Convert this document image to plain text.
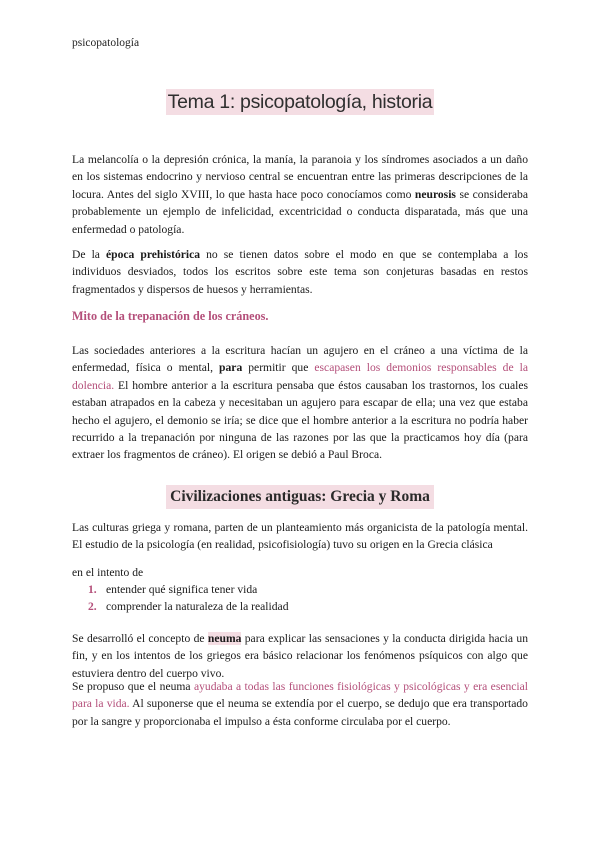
psicopatología
Tema 1: psicopatología, historia
La melancolía o la depresión crónica, la manía, la paranoia y los síndromes asociados a un daño en los sistemas endocrino y nervioso central se encuentran entre las primeras descripciones de la locura. Antes del siglo XVIII, lo que hasta hace poco conocíamos como neurosis se consideraba probablemente un ejemplo de infelicidad, excentricidad o conducta disparatada, más que una enfermedad o patología.
De la época prehistórica no se tienen datos sobre el modo en que se contemplaba a los individuos desviados, todos los escritos sobre este tema son conjeturas basadas en restos fragmentados y dispersos de huesos y herramientas.
Mito de la trepanación de los cráneos.
Las sociedades anteriores a la escritura hacían un agujero en el cráneo a una víctima de la enfermedad, física o mental, para permitir que escapasen los demonios responsables de la dolencia. El hombre anterior a la escritura pensaba que éstos causaban los trastornos, los cuales estaban atrapados en la cabeza y necesitaban un agujero para escapar de ella; una vez que estaba hecho el agujero, el demonio se iría; se dice que el hombre anterior a la escritura no podría haber recurrido a la trepanación por ninguna de las razones por las que la practicamos hoy día (para extraer los fragmentos de cráneo). El origen se debió a Paul Broca.
Civilizaciones antiguas: Grecia y Roma
Las culturas griega y romana, parten de un planteamiento más organicista de la patología mental. El estudio de la psicología (en realidad, psicofisiología) tuvo su origen en la Grecia clásica
en el intento de
1. entender qué significa tener vida
2. comprender la naturaleza de la realidad
Se desarrolló el concepto de neuma para explicar las sensaciones y la conducta dirigida hacia un fin, y en los intentos de los griegos era básico relacionar los fenómenos psíquicos con algo que estuviera dentro del cuerpo vivo.
Se propuso que el neuma ayudaba a todas las funciones fisiológicas y psicológicas y era esencial para la vida. Al suponerse que el neuma se extendía por el cuerpo, se dedujo que era transportado por la sangre y proporcionaba el impulso a ésta conforme circulaba por el cuerpo.
